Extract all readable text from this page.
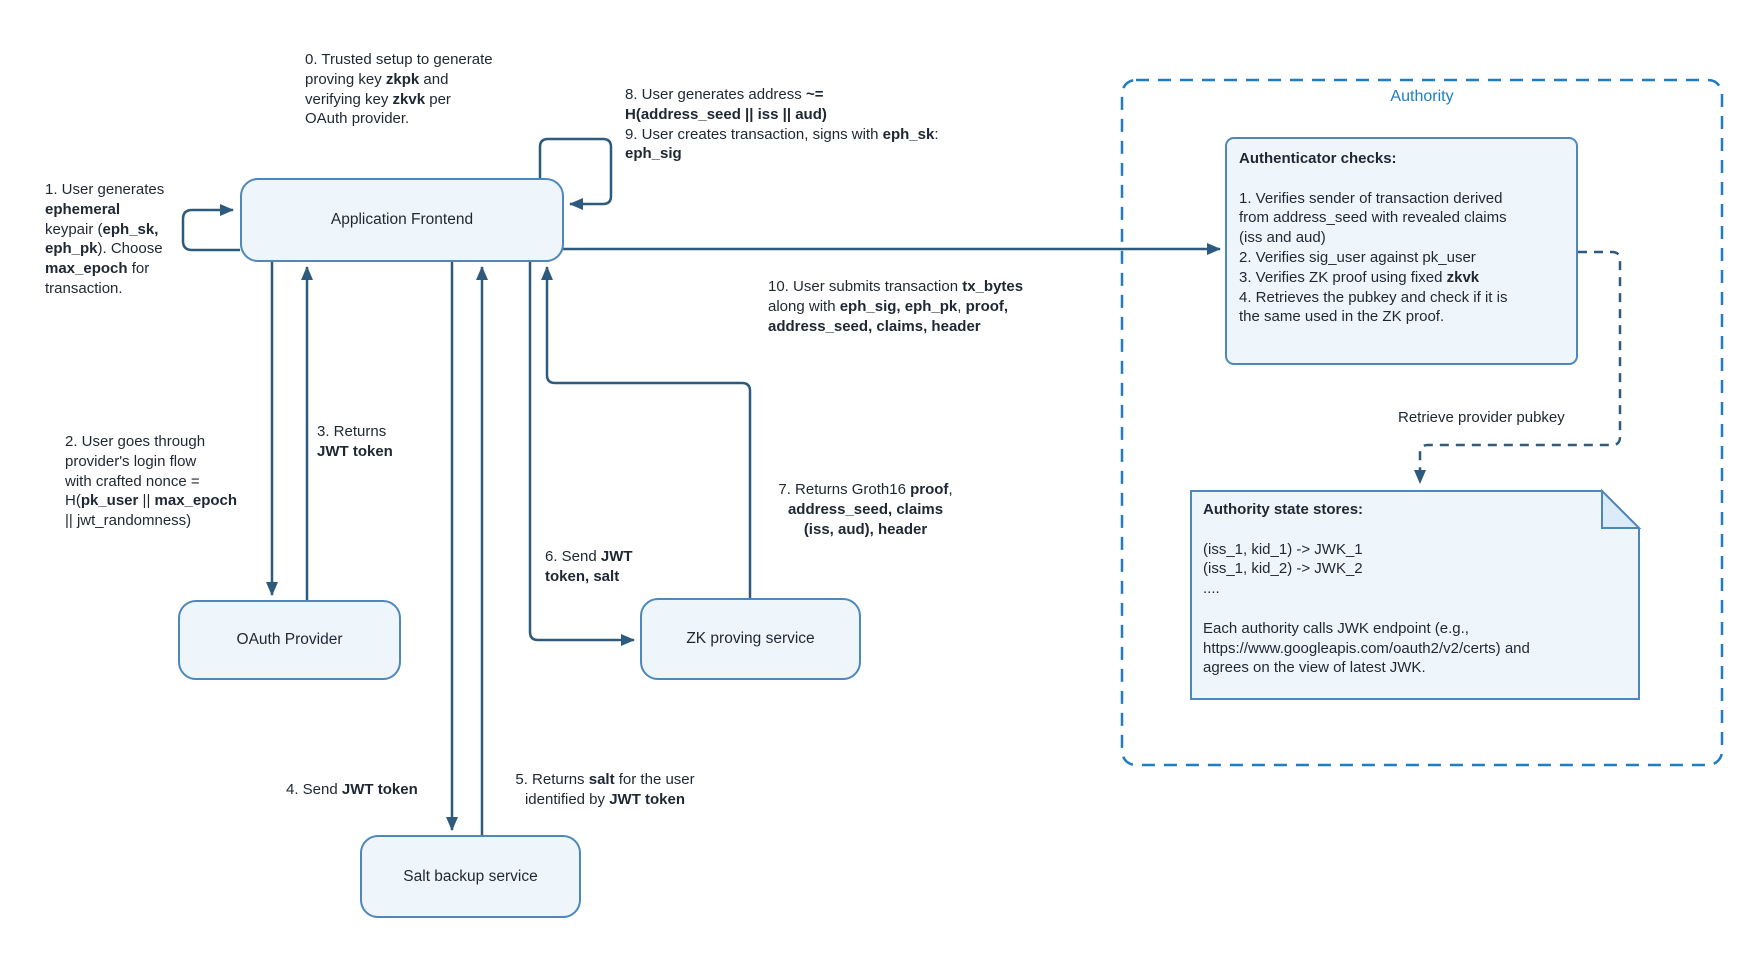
Application Frontend
OAuth Provider	ZK proving service
Salt backup service
Authority
Authenticator checks:

1. Verifies sender of transaction derived
from address_seed with revealed claims
(iss and aud)
2. Verifies sig_user against pk_user
3. Verifies ZK proof using fixed zkvk
4. Retrieves the pubkey and check if it is
the same used in the ZK proof.
Authority state stores:

(iss_1, kid_1) -> JWK_1
(iss_1, kid_2) -> JWK_2
....

Each authority calls JWK endpoint (e.g.,
https://www.googleapis.com/oauth2/v2/certs) and
agrees on the view of latest JWK.
0. Trusted setup to generate
proving key zkpk and
verifying key zkvk per
OAuth provider.
1. User generates
ephemeral
keypair (eph_sk,
eph_pk). Choose
max_epoch for
transaction.
2. User goes through
provider's login flow
with crafted nonce =
H(pk_user || max_epoch
|| jwt_randomness)
3. Returns
JWT token
4. Send JWT token
5. Returns salt for the user
identified by JWT token
6. Send JWT
token, salt
7. Returns Groth16 proof,
address_seed, claims
(iss, aud), header
8. User generates address ~=
H(address_seed || iss || aud)
9. User creates transaction, signs with eph_sk:
eph_sig
10. User submits transaction tx_bytes
along with eph_sig, eph_pk, proof,
address_seed, claims, header
Retrieve provider pubkey
